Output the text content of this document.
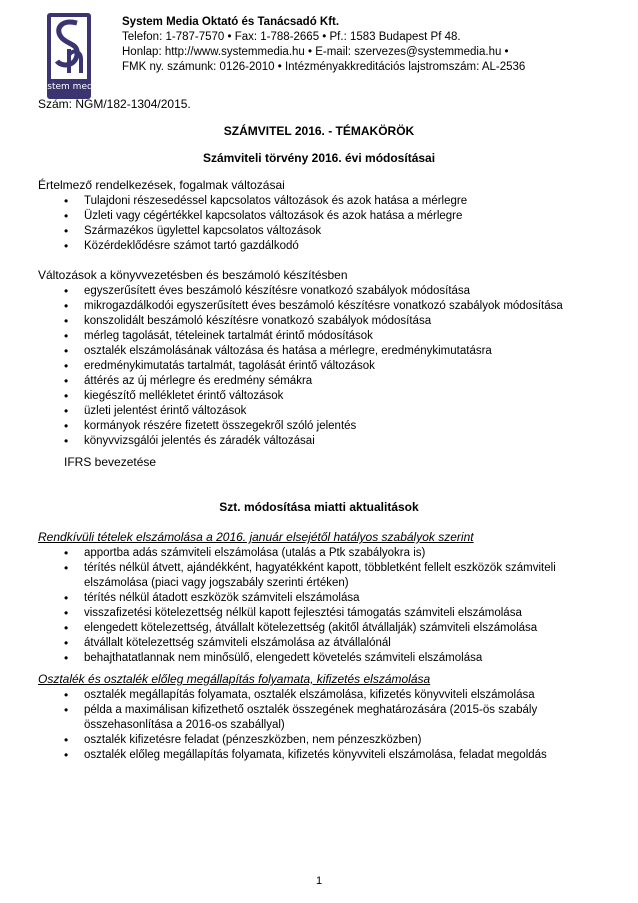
system media
System Media Oktató és Tanácsadó Kft.
Telefon: 1-787-7570 • Fax: 1-788-2665 • Pf.: 1583 Budapest Pf 48.
Honlap: http://www.systemmedia.hu • E-mail: szervezes@systemmedia.hu •
FMK ny. számunk: 0126-2010 • Intézményakkreditációs lajstromszám: AL-2536
Szám: NGM/182-1304/2015.
SZÁMVITEL 2016. - TÉMAKÖRÖK
Számviteli törvény 2016. évi módosításai
Értelmező rendelkezések, fogalmak változásai
• Tulajdoni részesedéssel kapcsolatos változások és azok hatása a mérlegre
• Üzleti vagy cégértékkel kapcsolatos változások és azok hatása a mérlegre
• Származékos ügylettel kapcsolatos változások
• Közérdeklődésre számot tartó gazdálkodó
Változások a könyvvezetésben és beszámoló készítésben
• egyszerűsített éves beszámoló készítésre vonatkozó szabályok módosítása
• mikrogazdálkodói egyszerűsített éves beszámoló készítésre vonatkozó szabályok módosítása
• konszolidált beszámoló készítésre vonatkozó szabályok módosítása
• mérleg tagolását, tételeinek tartalmát érintő módosítások
• osztalék elszámolásának változása és hatása a mérlegre, eredménykimutatásra
• eredménykimutatás tartalmát, tagolását érintő változások
• áttérés az új mérlegre és eredmény sémákra
• kiegészítő mellékletet érintő változások
• üzleti jelentést érintő változások
• kormányok részére fizetett összegekről szóló jelentés
• könyvvizsgálói jelentés és záradék változásai
IFRS bevezetése
Szt. módosítása miatti aktualitások
Rendkívüli tételek elszámolása a 2016. január elsejétől hatályos szabályok szerint
• apportba adás számviteli elszámolása (utalás a Ptk szabályokra is)
• térítés nélkül átvett, ajándékként, hagyatékként kapott, többletként fellelt eszközök számviteli elszámolása (piaci vagy jogszabály szerinti értéken)
• térítés nélkül átadott eszközök számviteli elszámolása
• visszafizetési kötelezettség nélkül kapott fejlesztési támogatás számviteli elszámolása
• elengedett kötelezettség, átvállalt kötelezettség (akitől átvállalják) számviteli elszámolása
• átvállalt kötelezettség számviteli elszámolása az átvállalónál
• behajthatatlannak nem minősülő, elengedett követelés számviteli elszámolása
Osztalék és osztalék előleg megállapítás folyamata, kifizetés elszámolása
• osztalék megállapítás folyamata, osztalék elszámolása, kifizetés könyvviteli elszámolása
• példa a maximálisan kifizethető osztalék összegének meghatározására (2015-ös szabály összehasonlítása a 2016-os szabállyal)
• osztalék kifizetésre feladat (pénzeszközben, nem pénzeszközben)
• osztalék előleg megállapítás folyamata, kifizetés könyvviteli elszámolása, feladat megoldás
1
